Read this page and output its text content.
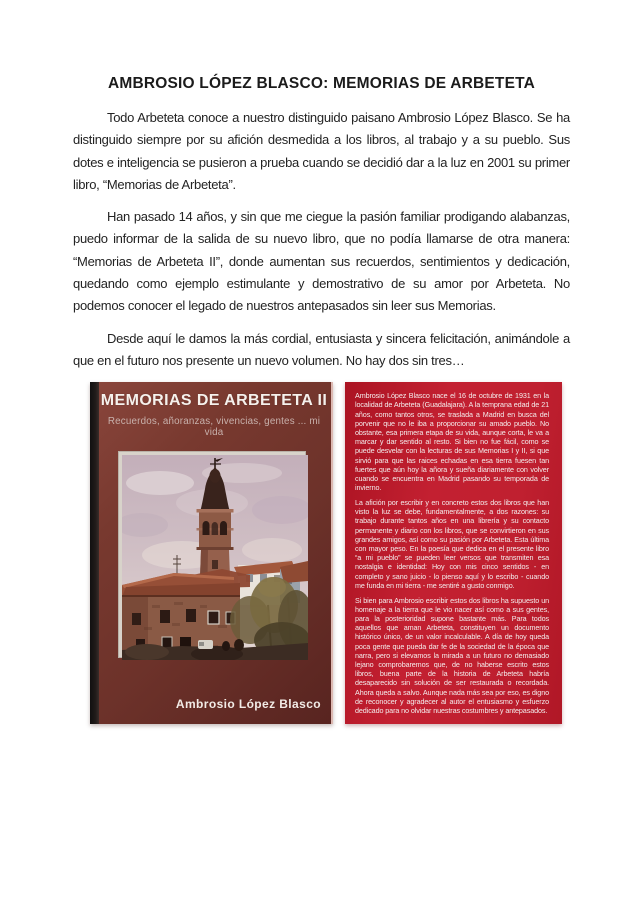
AMBROSIO LÓPEZ BLASCO: MEMORIAS DE ARBETETA

Todo Arbeteta conoce a nuestro distinguido paisano Ambrosio López Blasco. Se ha distinguido siempre por su afición desmedida a los libros, al trabajo y a su pueblo. Sus dotes e inteligencia se pusieron a prueba cuando se decidió dar a la luz en 2001 su primer libro, “Memorias de Arbeteta”.

Han pasado 14 años, y sin que me ciegue la pasión familiar prodigando alabanzas, puedo informar de la salida de su nuevo libro, que no podía llamarse de otra manera: “Memorias de Arbeteta II”, donde aumentan sus recuerdos, sentimientos y dedicación, quedando como ejemplo estimulante y demostrativo de su amor por Arbeteta. No podemos conocer el legado de nuestros antepasados sin leer sus Memorias.

Desde aquí le damos la más cordial, entusiasta y sincera felicitación, animándole a que en el futuro nos presente un nuevo volumen. No hay dos sin tres…

MEMORIAS DE ARBETETA II
Recuerdos, añoranzas, vivencias, gentes ... mi vida
Ambrosio López Blasco

Ambrosio López Blasco nace el 16 de octubre de 1931 en la localidad de Arbeteta (Guadalajara). A la temprana edad de 21 años, como tantos otros, se traslada a Madrid en busca del porvenir que no le iba a proporcionar su amado pueblo. No obstante, esa primera etapa de su vida, aunque corta, le va a marcar y dar sentido al resto. Si bien no fue fácil, como se puede desvelar con la lecturas de sus Memorias I y II, si que sirvió para que las raices echadas en esa tierra fuesen tan fuertes que aún hoy la añora y sueña diariamente con volver cuando se encuentra en Madrid pasando su temporada de invierno.

La afición por escribir y en concreto estos dos libros que han visto la luz se debe, fundamentalmente, a dos razones: su trabajo durante tantos años en una librería y su contacto permanente y diario con los libros, que se convirtieron en sus grandes amigos, así como su pasión por Arbeteta. Esta última con mayor peso. En la poesía que dedica en el presente libro “a mi pueblo” se pueden leer versos que transmiten esa nostalgia e identidad: Hoy con mis cinco sentidos - en completo y sano juicio - lo pienso aquí y lo escribo - cuando me funda en mi tierra - me sentiré a gusto conmigo.

Si bien para Ambrosio escribir estos dos libros ha supuesto un homenaje a la tierra que le vio nacer así como a sus gentes, para la posterioridad supone bastante más. Para todos aquellos que aman Arbeteta, constituyen un documento histórico único, de un valor incalculable. A día de hoy queda poca gente que pueda dar fe de la sociedad de la época que narra, pero si elevamos la mirada a un futuro no demasiado lejano comprobaremos que, de no haberse escrito estos libros, buena parte de la historia de Arbeteta habría desaparecido sin solución de ser restaurada o recordada. Ahora queda a salvo. Aunque nada más sea por eso, es digno de reconocer y agradecer al autor el entusiasmo y esfuerzo dedicado para no olvidar nuestras costumbres y antepasados.
